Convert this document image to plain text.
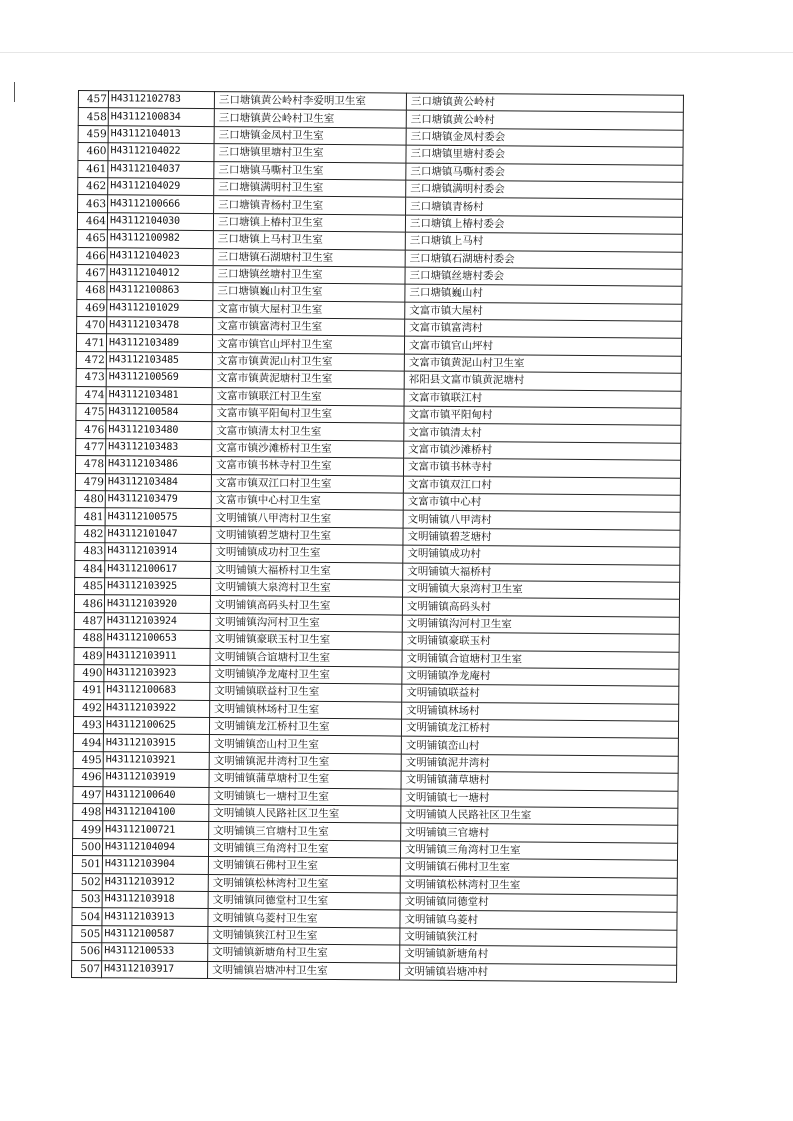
457	H43112102783	三口塘镇黄公岭村李爱明卫生室	三口塘镇黄公岭村
458	H43112100834	三口塘镇黄公岭村卫生室	三口塘镇黄公岭村
459	H43112104013	三口塘镇金凤村卫生室	三口塘镇金凤村委会
460	H43112104022	三口塘镇里塘村卫生室	三口塘镇里塘村委会
461	H43112104037	三口塘镇马嘶村卫生室	三口塘镇马嘶村委会
462	H43112104029	三口塘镇满明村卫生室	三口塘镇满明村委会
463	H43112100666	三口塘镇青杨村卫生室	三口塘镇青杨村
464	H43112104030	三口塘镇上椿村卫生室	三口塘镇上椿村委会
465	H43112100982	三口塘镇上马村卫生室	三口塘镇上马村
466	H43112104023	三口塘镇石湖塘村卫生室	三口塘镇石湖塘村委会
467	H43112104012	三口塘镇丝塘村卫生室	三口塘镇丝塘村委会
468	H43112100863	三口塘镇巍山村卫生室	三口塘镇巍山村
469	H43112101029	文富市镇大屋村卫生室	文富市镇大屋村
470	H43112103478	文富市镇富湾村卫生室	文富市镇富湾村
471	H43112103489	文富市镇官山坪村卫生室	文富市镇官山坪村
472	H43112103485	文富市镇黄泥山村卫生室	文富市镇黄泥山村卫生室
473	H43112100569	文富市镇黄泥塘村卫生室	祁阳县文富市镇黄泥塘村
474	H43112103481	文富市镇联江村卫生室	文富市镇联江村
475	H43112100584	文富市镇平阳甸村卫生室	文富市镇平阳甸村
476	H43112103480	文富市镇清太村卫生室	文富市镇清太村
477	H43112103483	文富市镇沙滩桥村卫生室	文富市镇沙滩桥村
478	H43112103486	文富市镇书林寺村卫生室	文富市镇书林寺村
479	H43112103484	文富市镇双江口村卫生室	文富市镇双江口村
480	H43112103479	文富市镇中心村卫生室	文富市镇中心村
481	H43112100575	文明铺镇八甲湾村卫生室	文明铺镇八甲湾村
482	H43112101047	文明铺镇碧芝塘村卫生室	文明铺镇碧芝塘村
483	H43112103914	文明铺镇成功村卫生室	文明铺镇成功村
484	H43112100617	文明铺镇大福桥村卫生室	文明铺镇大福桥村
485	H43112103925	文明铺镇大泉湾村卫生室	文明铺镇大泉湾村卫生室
486	H43112103920	文明铺镇高码头村卫生室	文明铺镇高码头村
487	H43112103924	文明铺镇沟河村卫生室	文明铺镇沟河村卫生室
488	H43112100653	文明铺镇豪联玉村卫生室	文明铺镇豪联玉村
489	H43112103911	文明铺镇合谊塘村卫生室	文明铺镇合谊塘村卫生室
490	H43112103923	文明铺镇净龙庵村卫生室	文明铺镇净龙庵村
491	H43112100683	文明铺镇联益村卫生室	文明铺镇联益村
492	H43112103922	文明铺镇林场村卫生室	文明铺镇林场村
493	H43112100625	文明铺镇龙江桥村卫生室	文明铺镇龙江桥村
494	H43112103915	文明铺镇峦山村卫生室	文明铺镇峦山村
495	H43112103921	文明铺镇泥井湾村卫生室	文明铺镇泥井湾村
496	H43112103919	文明铺镇蒲草塘村卫生室	文明铺镇蒲草塘村
497	H43112100640	文明铺镇七一塘村卫生室	文明铺镇七一塘村
498	H43112104100	文明铺镇人民路社区卫生室	文明铺镇人民路社区卫生室
499	H43112100721	文明铺镇三官塘村卫生室	文明铺镇三官塘村
500	H43112104094	文明铺镇三角湾村卫生室	文明铺镇三角湾村卫生室
501	H43112103904	文明铺镇石佛村卫生室	文明铺镇石佛村卫生室
502	H43112103912	文明铺镇松林湾村卫生室	文明铺镇松林湾村卫生室
503	H43112103918	文明铺镇同德堂村卫生室	文明铺镇同德堂村
504	H43112103913	文明铺镇乌菱村卫生室	文明铺镇乌菱村
505	H43112100587	文明铺镇狭江村卫生室	文明铺镇狭江村
506	H43112100533	文明铺镇新塘角村卫生室	文明铺镇新塘角村
507	H43112103917	文明铺镇岩塘冲村卫生室	文明铺镇岩塘冲村
